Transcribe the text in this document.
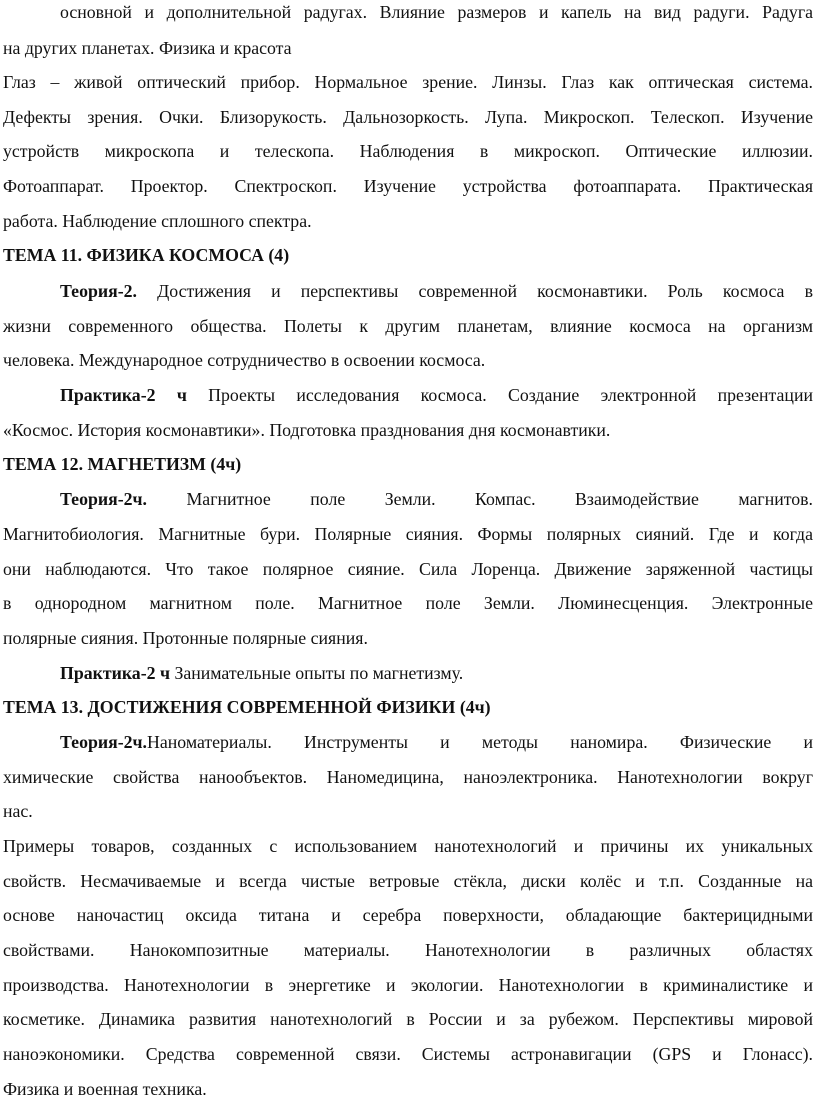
основной и дополнительной радугах. Влияние размеров и капель на вид радуги. Радуга
на других планетах. Физика и красота
Глаз – живой оптический прибор. Нормальное зрение. Линзы. Глаз как оптическая система.
Дефекты зрения. Очки. Близорукость. Дальнозоркость. Лупа. Микроскоп. Телескоп. Изучение
устройств микроскопа и телескопа. Наблюдения в микроскоп. Оптические иллюзии.
Фотоаппарат. Проектор. Спектроскоп. Изучение устройства фотоаппарата. Практическая
работа. Наблюдение сплошного спектра.
ТЕМА 11. ФИЗИКА КОСМОСА (4)
Теория-2. Достижения и перспективы современной космонавтики. Роль космоса в
жизни современного общества. Полеты к другим планетам, влияние космоса на организм
человека. Международное сотрудничество в освоении космоса.
Практика-2 ч Проекты исследования космоса. Создание электронной презентации
«Космос. История космонавтики». Подготовка празднования дня космонавтики.
ТЕМА 12. МАГНЕТИЗМ (4ч)
Теория-2ч. Магнитное поле Земли. Компас. Взаимодействие магнитов.
Магнитобиология. Магнитные бури. Полярные сияния. Формы полярных сияний. Где и когда
они наблюдаются. Что такое полярное сияние. Сила Лоренца. Движение заряженной частицы
в однородном магнитном поле. Магнитное поле Земли. Люминесценция. Электронные
полярные сияния. Протонные полярные сияния.
Практика-2 ч Занимательные опыты по магнетизму.
ТЕМА 13. ДОСТИЖЕНИЯ СОВРЕМЕННОЙ ФИЗИКИ (4ч)
Теория-2ч.Наноматериалы. Инструменты и методы наномира. Физические и
химические свойства нанообъектов. Наномедицина, наноэлектроника. Нанотехнологии вокруг
нас.
Примеры товаров, созданных с использованием нанотехнологий и причины их уникальных
свойств. Несмачиваемые и всегда чистые ветровые стёкла, диски колёс и т.п. Созданные на
основе наночастиц оксида титана и серебра поверхности, обладающие бактерицидными
свойствами. Нанокомпозитные материалы. Нанотехнологии в различных областях
производства. Нанотехнологии в энергетике и экологии. Нанотехнологии в криминалистике и
косметике. Динамика развития нанотехнологий в России и за рубежом. Перспективы мировой
наноэкономики. Средства современной связи. Системы астронавигации (GPS и Глонасс).
Физика и военная техника.
